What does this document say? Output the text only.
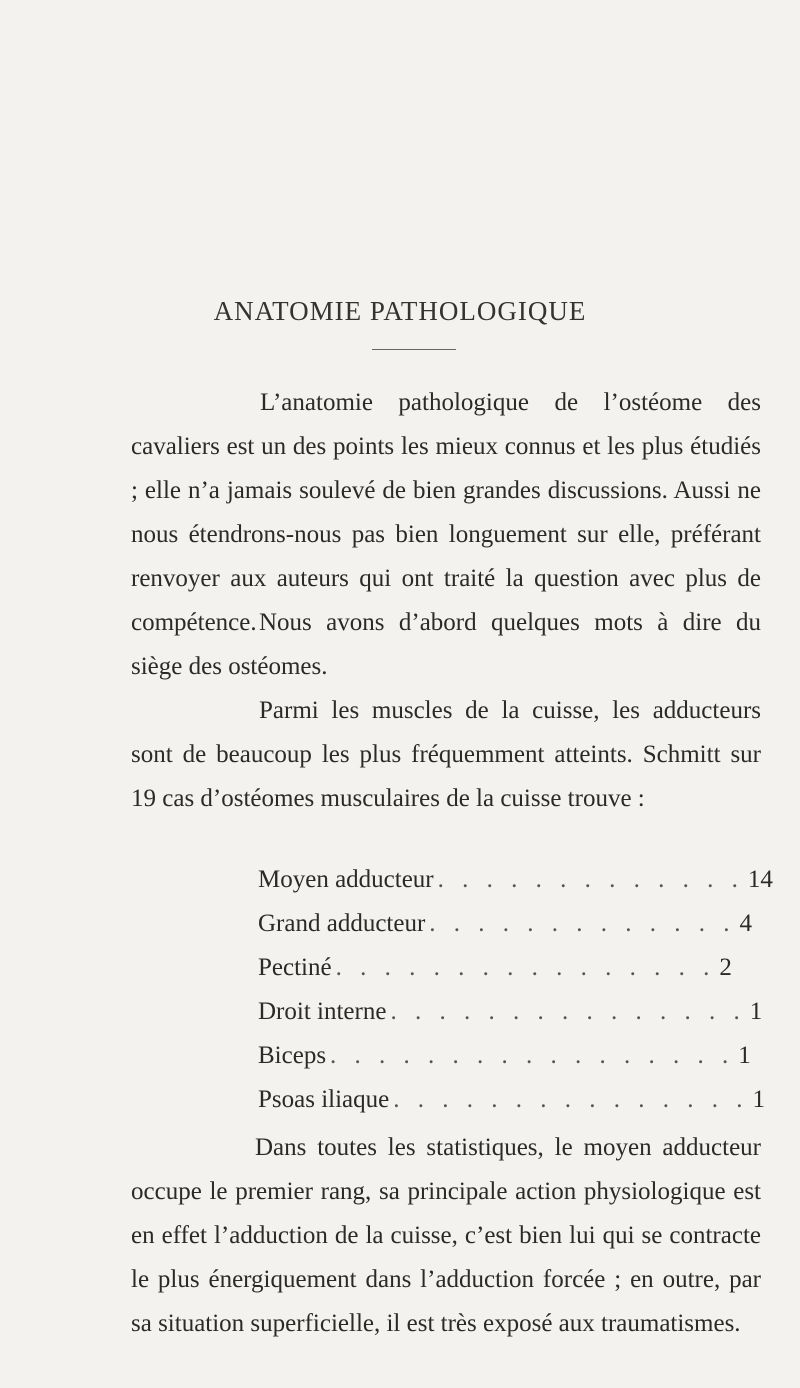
ANATOMIE PATHOLOGIQUE

L’anatomie pathologique de l’ostéome des cavaliers est un des points les mieux connus et les plus étudiés ; elle n’a jamais soulevé de bien grandes discussions. Aussi ne nous étendrons-nous pas bien longuement sur elle, préférant renvoyer aux auteurs qui ont traité la question avec plus de compétence. Nous avons d’abord quelques mots à dire du siège des ostéomes.

Parmi les muscles de la cuisse, les adducteurs sont de beaucoup les plus fréquemment atteints. Schmitt sur 19 cas d’ostéomes musculaires de la cuisse trouve :

Moyen adducteur . . . . . . . . . . . . . 14
Grand adducteur . . . . . . . . . . . . . 4
Pectiné . . . . . . . . . . . . . . . . 2
Droit interne . . . . . . . . . . . . . . . 1
Biceps . . . . . . . . . . . . . . . . . 1
Psoas iliaque . . . . . . . . . . . . . . . 1

Dans toutes les statistiques, le moyen adducteur occupe le premier rang, sa principale action physiologique est en effet l’adduction de la cuisse, c’est bien lui qui se contracte le plus énergiquement dans l’adduction forcée ; en outre, par sa situation superficielle, il est très exposé aux traumatismes.
